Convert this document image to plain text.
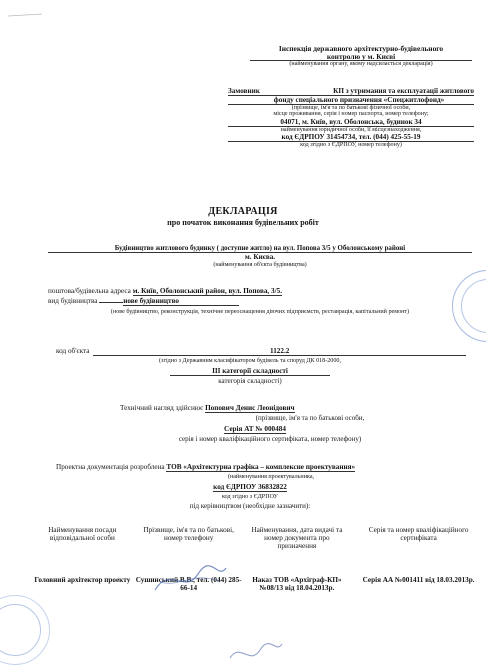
Інспекція державного архітектурно-будівельного
контролю у м. Києві
(найменування органу, якому надсилається декларація)
Замовник	КП з утримання та експлуатації житлового
фонду спеціального призначення «Спецжитлофонд»
(прізвище, ім'я та по батькові фізичної особи,
місце проживання, серія і номер паспорта, номер телефону;
04071, м. Київ, вул. Оболонська, будинок 34
найменування юридичної особи, її місцезнаходження,
код ЄДРПОУ 31454734, тел. (044) 425-55-19
код згідно з ЄДРПОУ, номер телефону)
ДЕКЛАРАЦІЯ
про початок виконання будівельних робіт
Будівництво житлового будинку ( доступне житло) на вул. Попова 3/5 у Оболонському районі
м. Києва.
(найменування об'єкта будівництва)
поштова/будівельна адреса м. Київ, Оболонський район, вул. Попова, 3/5.
вид будівництва	нове будівництво
(нове будівництво, реконструкція, технічне переоснащення діючих підприємств, реставрація, капітальний ремонт)
код об'єкта	1122.2
(згідно з Державним класифікатором будівель та споруд ДК 018-2000,
ІІІ категорії складності
категорія складності)
Технічний нагляд здійснює Попович Денис Леонідович
(прізвище, ім'я та по батькові особи,
Серія АТ № 000484
серія і номер кваліфікаційного сертифіката, номер телефону)
Проектна документація розроблена ТОВ «Архітектурна графіка – комплексне проектування»
(найменування проектувальника,
код ЄДРПОУ 36832822
код згідно з ЄДРПОУ
під керівництвом (необхідне зазначити):
Найменування посади відповідальної особи	Прізвище, ім'я та по батькові, номер телефону	Найменування, дата видачі та номер документа про призначення	Серія та номер кваліфікаційного сертифіката
Головний архітектор проекту	Сушинський В.В., тел. (044) 285-66-14	Наказ ТОВ «Архіграф-КП» №08/13 від 18.04.2013р.	Серія АА №001411 від 18.03.2013р.
